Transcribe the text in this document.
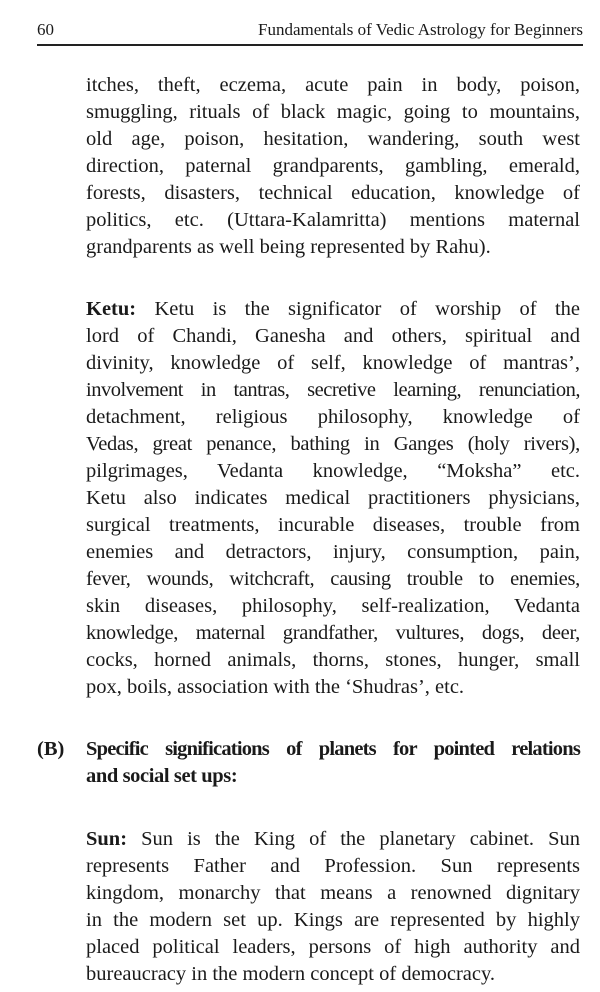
60	Fundamentals of Vedic Astrology for Beginners
itches, theft, eczema, acute pain in body, poison,
smuggling, rituals of black magic, going to mountains,
old age, poison, hesitation, wandering, south west
direction, paternal grandparents, gambling, emerald,
forests, disasters, technical education, knowledge of
politics, etc. (Uttara-Kalamritta) mentions maternal
grandparents as well being represented by Rahu).
Ketu: Ketu is the significator of worship of the
lord of Chandi, Ganesha and others, spiritual and
divinity, knowledge of self, knowledge of mantras’,
involvement in tantras, secretive learning, renunciation,
detachment, religious philosophy, knowledge of
Vedas, great penance, bathing in Ganges (holy rivers),
pilgrimages, Vedanta knowledge, “Moksha” etc.
Ketu also indicates medical practitioners physicians,
surgical treatments, incurable diseases, trouble from
enemies and detractors, injury, consumption, pain,
fever, wounds, witchcraft, causing trouble to enemies,
skin diseases, philosophy, self-realization, Vedanta
knowledge, maternal grandfather, vultures, dogs, deer,
cocks, horned animals, thorns, stones, hunger, small
pox, boils, association with the ‘Shudras’, etc.
(B) Specific significations of planets for pointed relations
and social set ups:
Sun: Sun is the King of the planetary cabinet. Sun
represents Father and Profession. Sun represents
kingdom, monarchy that means a renowned dignitary
in the modern set up. Kings are represented by highly
placed political leaders, persons of high authority and
bureaucracy in the modern concept of democracy.
